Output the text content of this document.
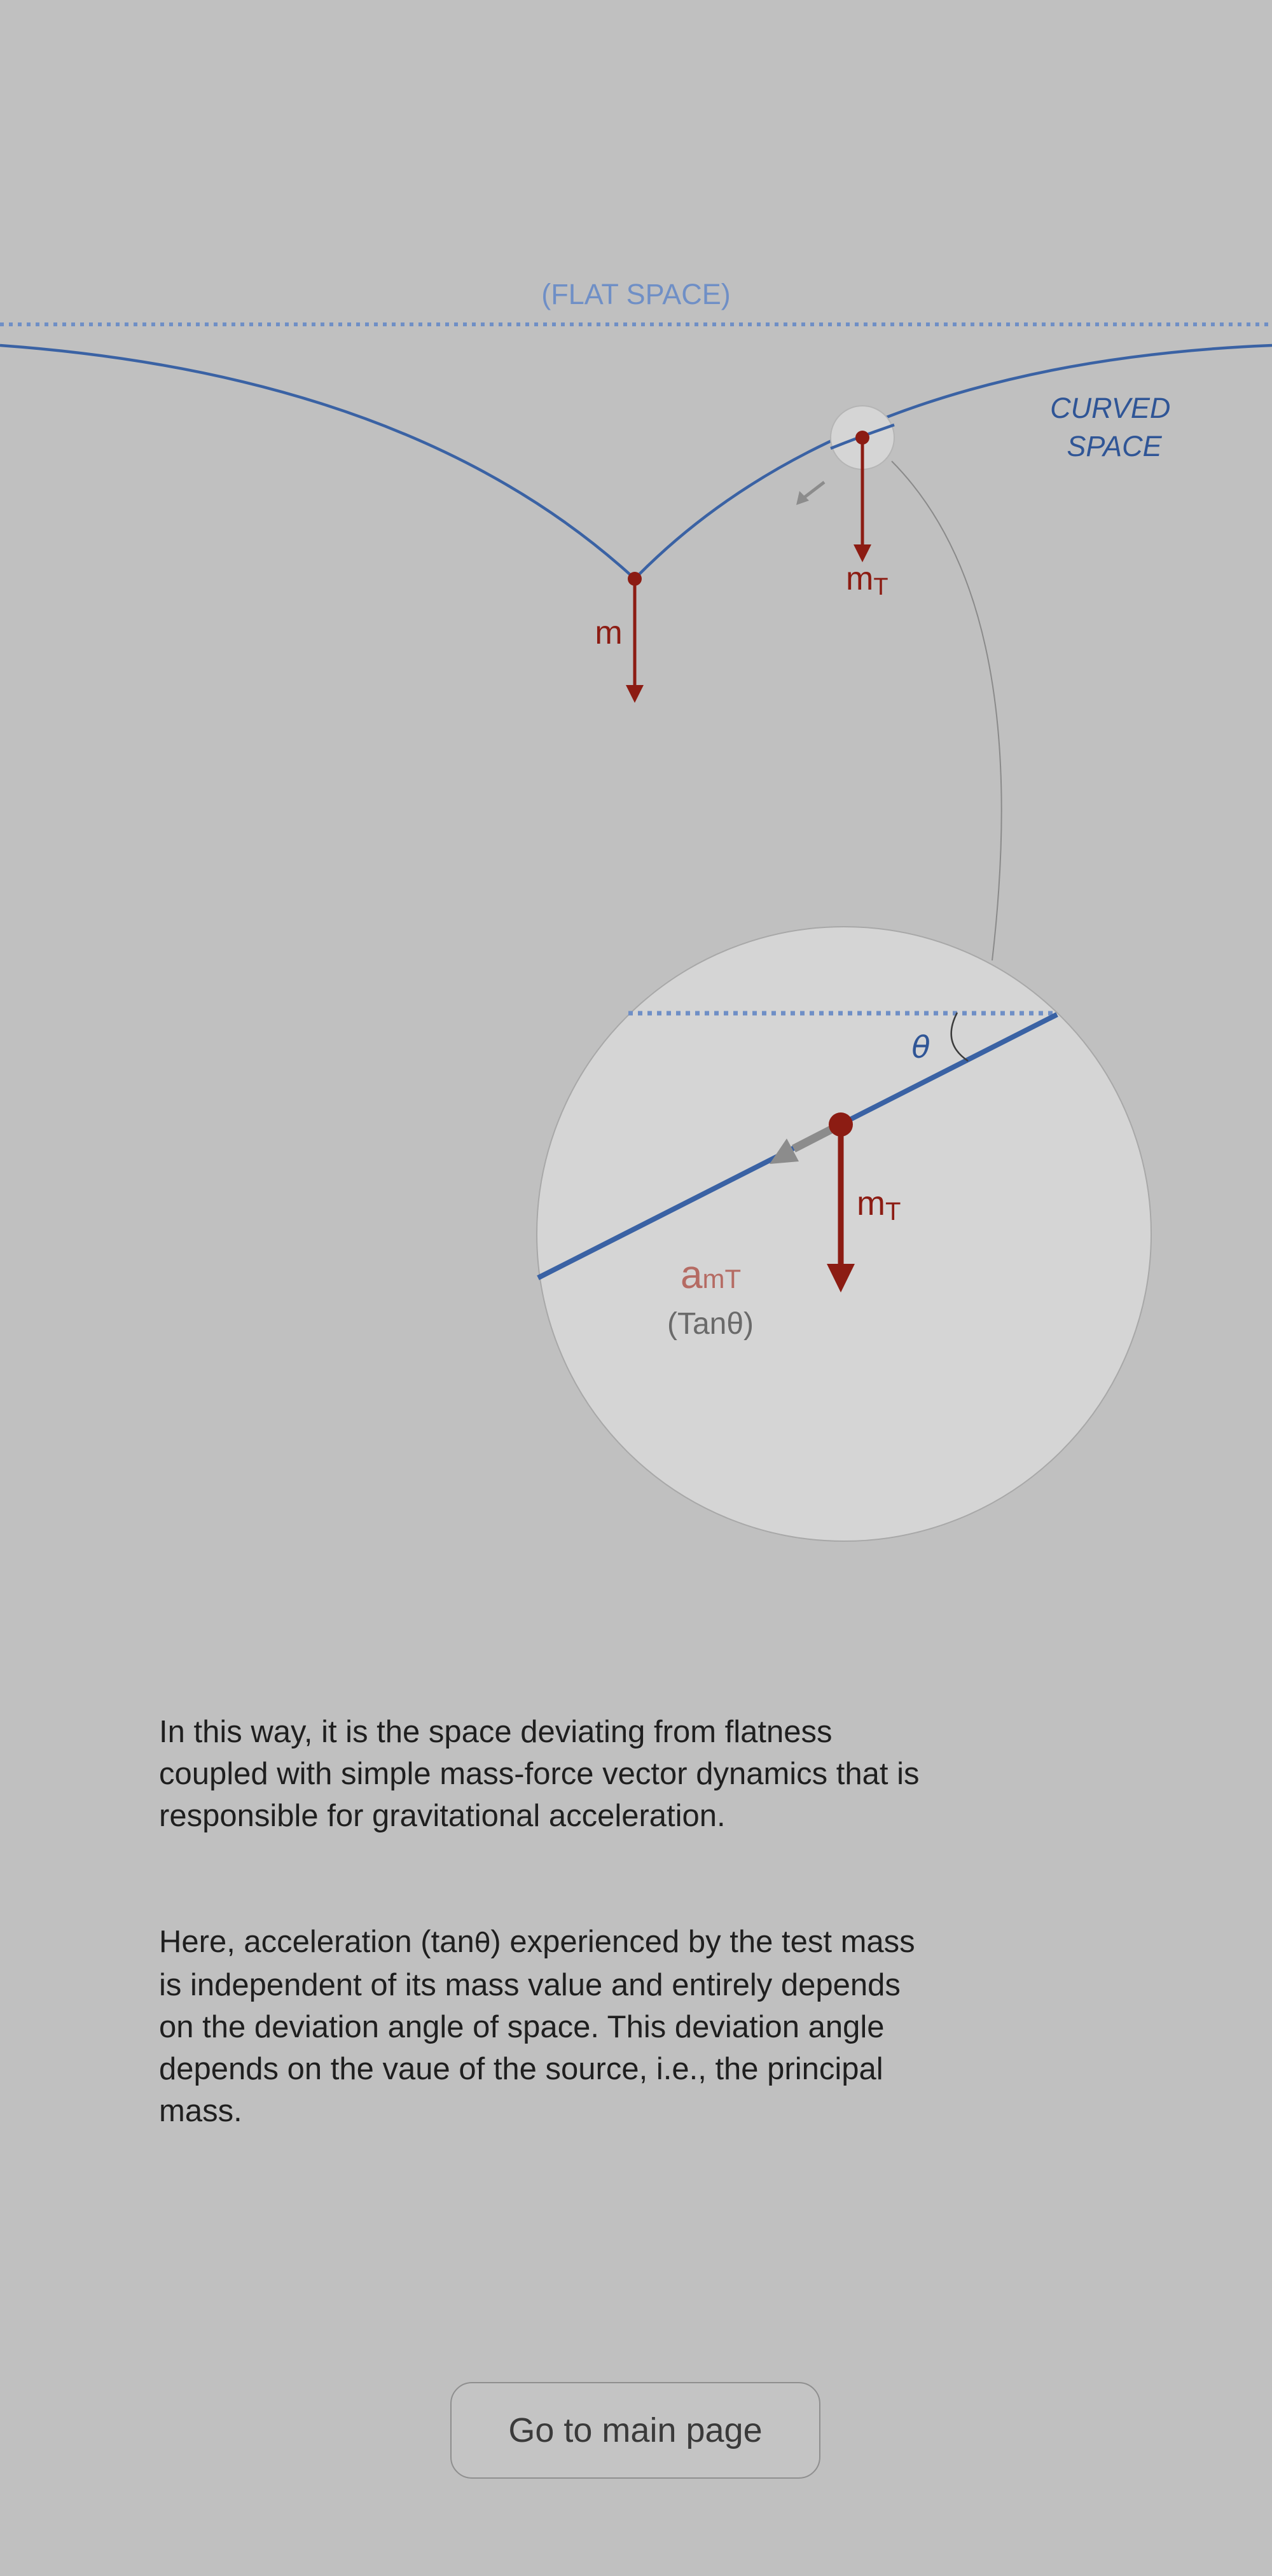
(FLAT SPACE)
CURVED SPACE
m
mT
θ
mT
amT
(Tanθ)

In this way, it is the space deviating from flatness coupled with simple mass-force vector dynamics that is responsible for gravitational acceleration.

Here, acceleration (tanθ) experienced by the test mass is independent of its mass value and entirely depends on the deviation angle of space. This deviation angle depends on the vaue of the source, i.e., the principal mass.

Go to main page
